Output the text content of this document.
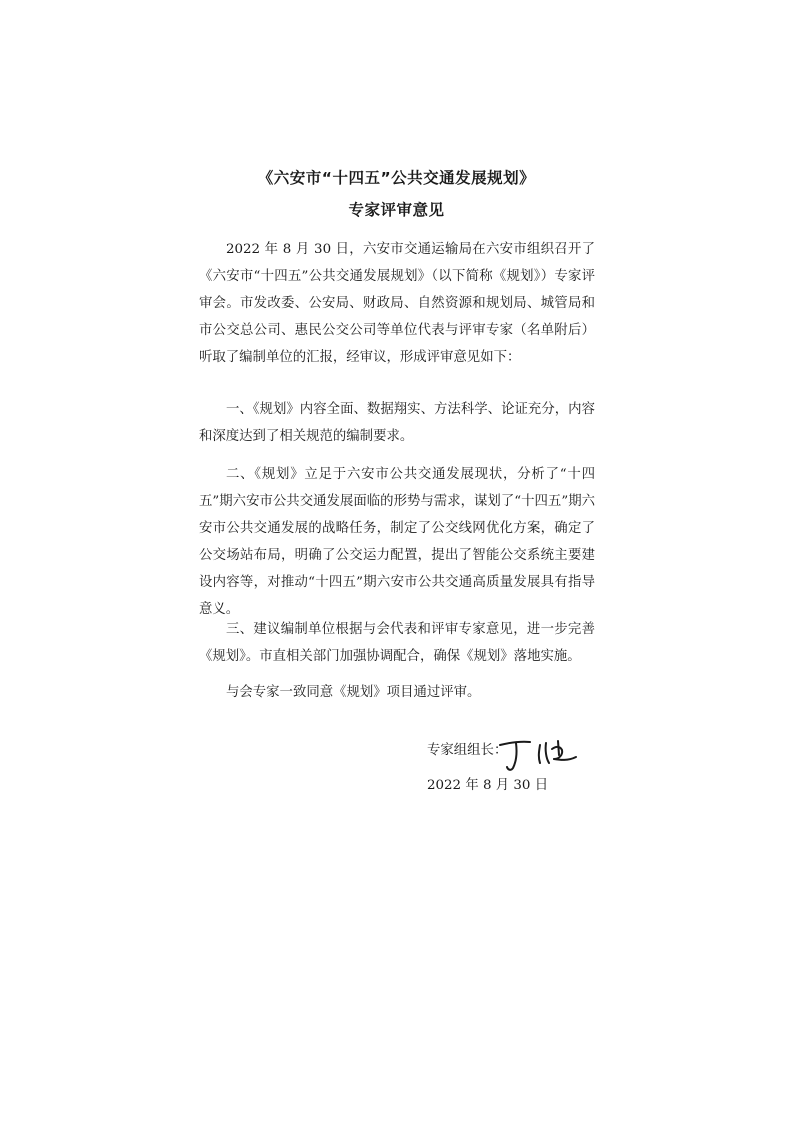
《六安市“十四五”公共交通发展规划》
专家评审意见

2022 年 8 月 30 日，六安市交通运输局在六安市组织召开了《六安市“十四五”公共交通发展规划》（以下简称《规划》）专家评审会。市发改委、公安局、财政局、自然资源和规划局、城管局和市公交总公司、惠民公交公司等单位代表与评审专家（名单附后）听取了编制单位的汇报，经审议，形成评审意见如下：

一、《规划》内容全面、数据翔实、方法科学、论证充分，内容和深度达到了相关规范的编制要求。

二、《规划》立足于六安市公共交通发展现状，分析了“十四五”期六安市公共交通发展面临的形势与需求，谋划了“十四五”期六安市公共交通发展的战略任务，制定了公交线网优化方案，确定了公交场站布局，明确了公交运力配置，提出了智能公交系统主要建设内容等，对推动“十四五”期六安市公共交通高质量发展具有指导意义。

三、建议编制单位根据与会代表和评审专家意见，进一步完善《规划》。市直相关部门加强协调配合，确保《规划》落地实施。

与会专家一致同意《规划》项目通过评审。

专家组组长：
2022 年 8 月 30 日
